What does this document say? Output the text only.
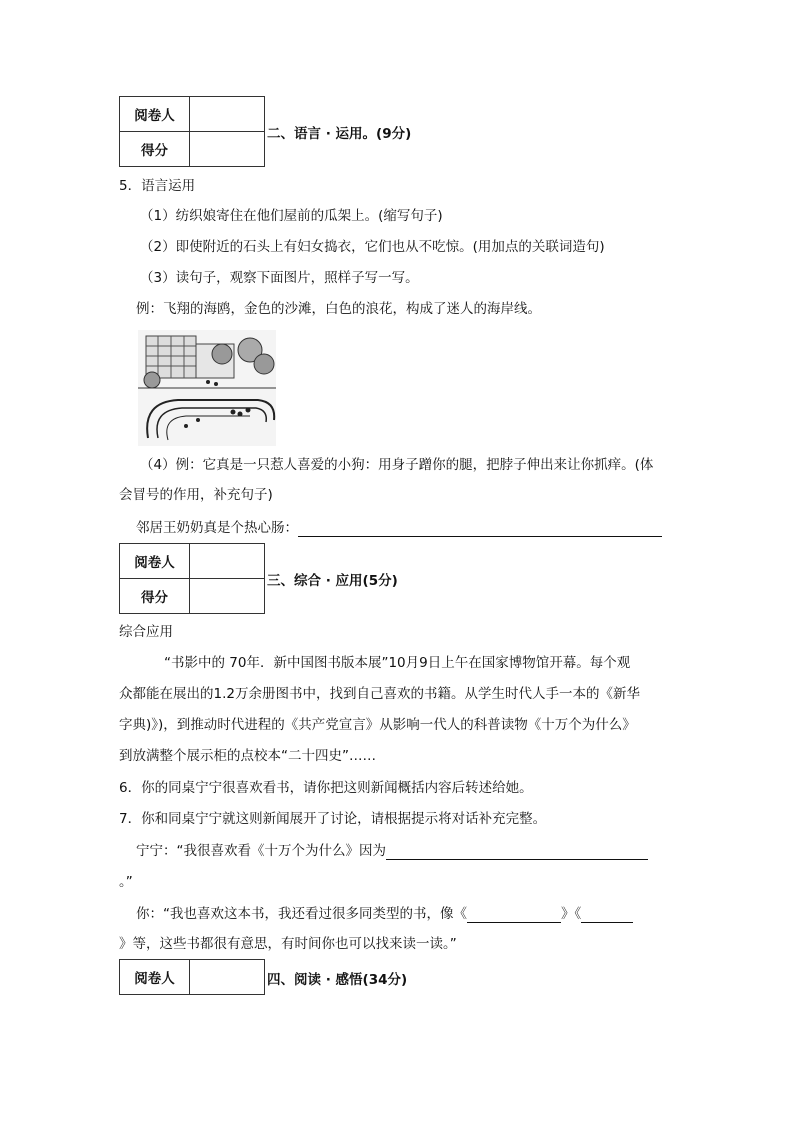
阅卷人	
得分	
二、语言 · 运用。(9分)
5．语言运用
（1）纺织娘寄住在他们屋前的瓜架上。(缩写句子)
（2）即使附近的石头上有妇女捣衣，它们也从不吃惊。(用加点的关联词造句)
（3）读句子，观察下面图片，照样子写一写。
例：飞翔的海鸥，金色的沙滩，白色的浪花，构成了迷人的海岸线。
（4）例：它真是一只惹人喜爱的小狗：用身子蹭你的腿，把脖子伸出来让你抓痒。(体
会冒号的作用，补充句子)
邻居王奶奶真是个热心肠：
阅卷人	
得分	
三、综合 · 应用(5分)
综合应用
“书影中的 70年．新中国图书版本展”10月9日上午在国家博物馆开幕。每个观
众都能在展出的1.2万余册图书中，找到自己喜欢的书籍。从学生时代人手一本的《新华
字典)》)，到推动时代进程的《共产党宣言》从影响一代人的科普读物《十万个为什么》
到放满整个展示柜的点校本“二十四史”……
6．你的同桌宁宁很喜欢看书，请你把这则新闻概括内容后转述给她。
7．你和同桌宁宁就这则新闻展开了讨论，请根据提示将对话补充完整。
宁宁：“我很喜欢看《十万个为什么》因为
。”
你：“我也喜欢这本书，我还看过很多同类型的书，像《	》《
》等，这些书都很有意思，有时间你也可以找来读一读。”
阅卷人		四、阅读 · 感悟(34分)
